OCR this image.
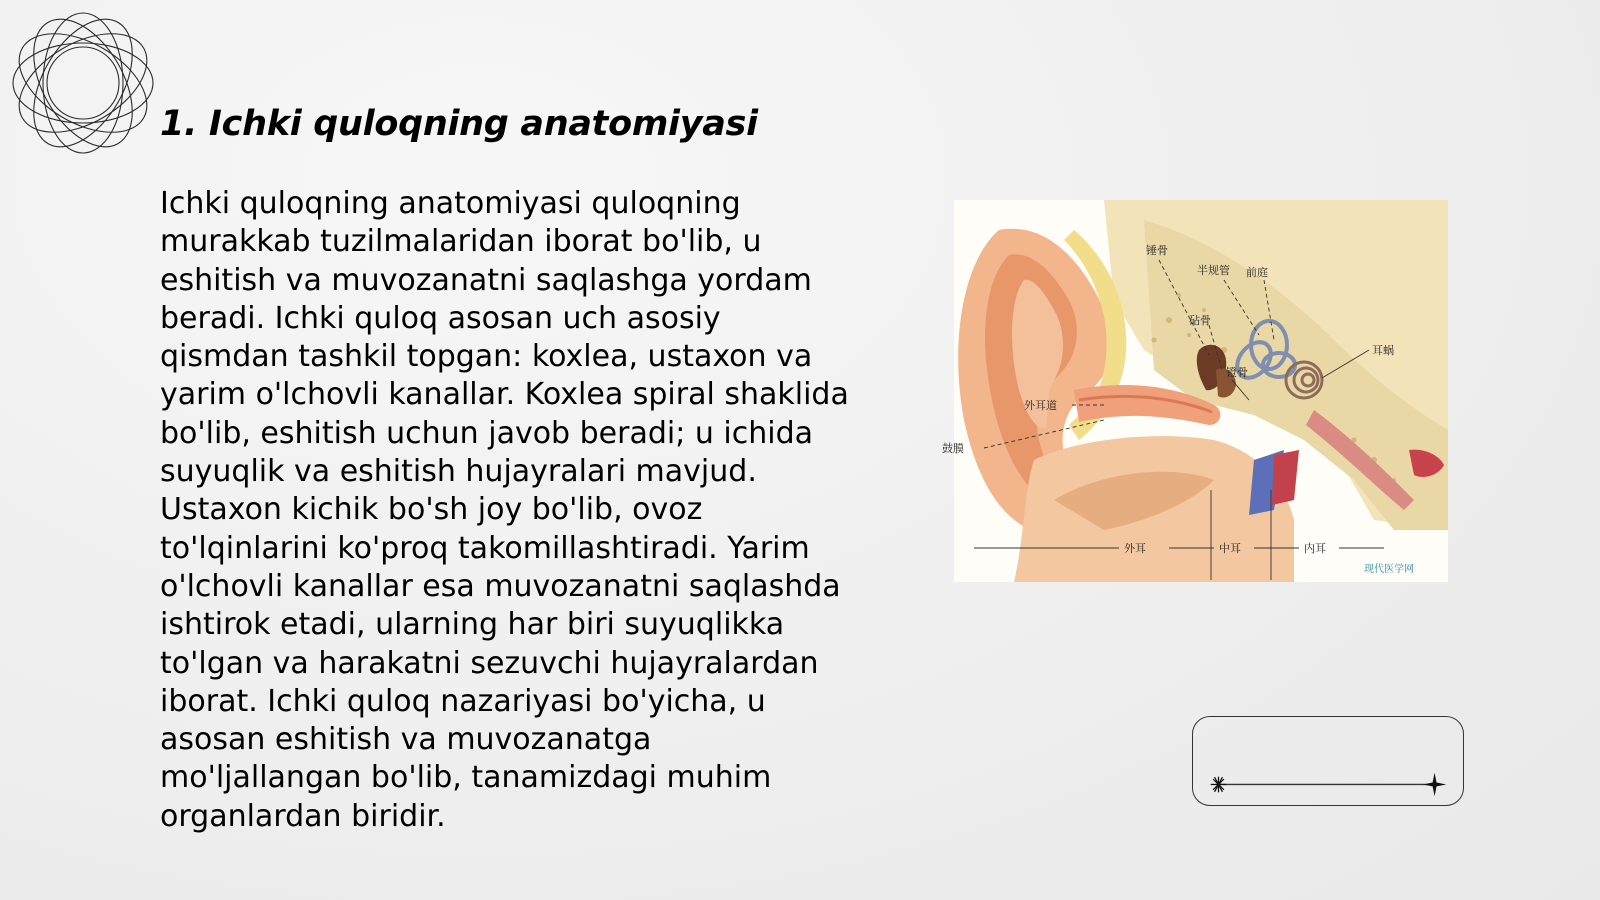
1. Ichki quloqning anatomiyasi

Ichki quloqning anatomiyasi quloqning murakkab tuzilmalaridan iborat bo'lib, u eshitish va muvozanatni saqlashga yordam beradi. Ichki quloq asosan uch asosiy qismdan tashkil topgan: koxlea, ustaxon va yarim o'lchovli kanallar. Koxlea spiral shaklida bo'lib, eshitish uchun javob beradi; u ichida suyuqlik va eshitish hujayralari mavjud. Ustaxon kichik bo'sh joy bo'lib, ovoz to'lqinlarini ko'proq takomillashtiradi. Yarim o'lchovli kanallar esa muvozanatni saqlashda ishtirok etadi, ularning har biri suyuqlikka to'lgan va harakatni sezuvchi hujayralardan iborat. Ichki quloq nazariyasi bo'yicha, u asosan eshitish va muvozanatga mo'ljallangan bo'lib, tanamizdagi muhim organlardan biridir.

锤骨
半规管 前庭
砧骨
耳蜗
镫骨
外耳道
鼓膜
外耳	中耳	内耳
现代医学网
